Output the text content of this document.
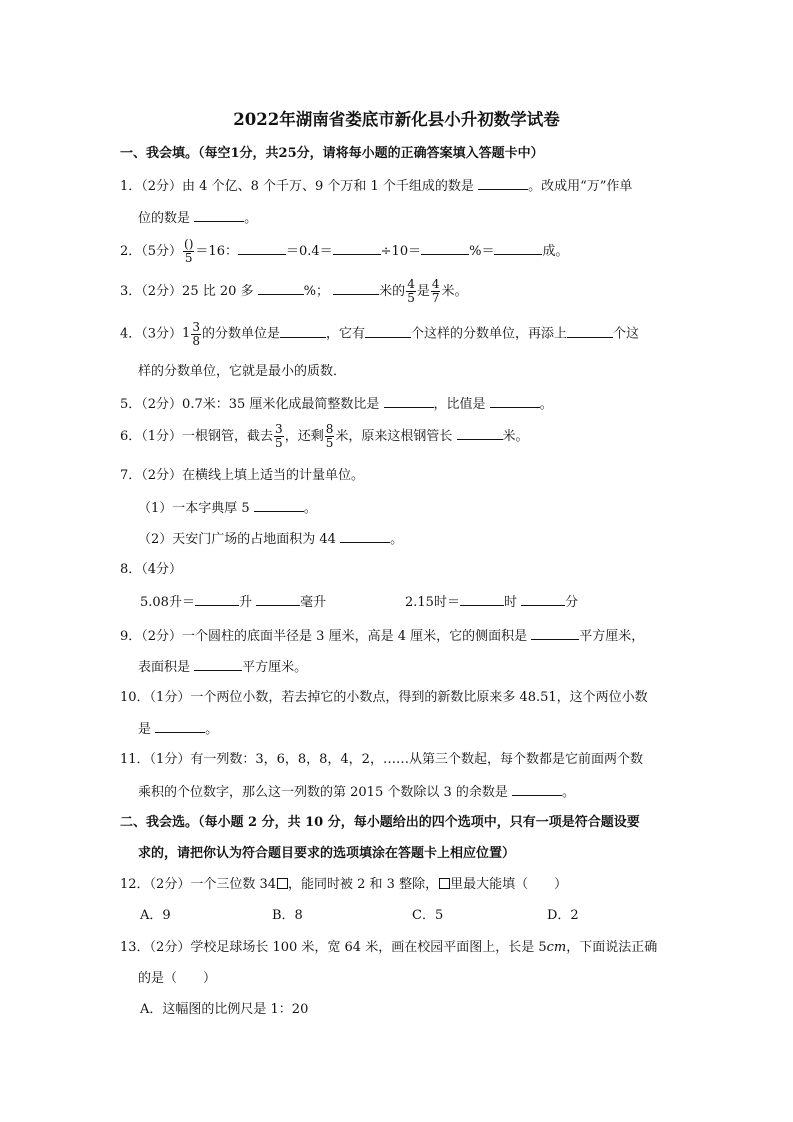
2022年湖南省娄底市新化县小升初数学试卷
一、我会填。（每空1分，共25分，请将每小题的正确答案填入答题卡中）
1．（2分）由 4 个亿、8 个千万、9 个万和 1 个千组成的数是	。改成用“万”作单
位的数是	。
2．（5分） $\frac{()}{5} =16$：	＝0.4＝	÷10＝	%＝	成。
3．（2分）25 比 20 多	%；	米的 $\frac{4}{5}$ 是 $\frac{4}{7}$ 米。
4．（3分） $1 \frac{3}{8}$ 的分数单位是	，它有	个这样的分数单位，再添上	个这
样的分数单位，它就是最小的质数．
5．（2分）0.7米：35 厘米化成最简整数比是	，比值是	。
6．（1分）一根钢管，截去 $\frac{3}{5}$ ，还剩 $\frac{8}{5}$ 米，原来这根钢管长	米。
7．（2分）在横线上填上适当的计量单位。
（1）一本字典厚 5	。
（2）天安门广场的占地面积为 44	。
8．（4分）
5.08升＝	升	毫升	2.15时＝	时	分
9．（2分）一个圆柱的底面半径是 3 厘米，高是 4 厘米，它的侧面积是	平方厘米，
表面积是	平方厘米。
10．（1分）一个两位小数，若去掉它的小数点，得到的新数比原来多 48.51，这个两位小数
是	。
11．（1分）有一列数：3，6，8，8，4，2，……从第三个数起，每个数都是它前面两个数
乘积的个位数字，那么这一列数的第 2015 个数除以 3 的余数是	。
二、我会选。（每小题 2 分，共 10 分，每小题给出的四个选项中，只有一项是符合题设要
求的，请把你认为符合题目要求的选项填涂在答题卡上相应位置）
12．（2分）一个三位数 34 ，能同时被 2 和 3 整除， 里最大能填（　　）
A．9	B．8	C．5	D．2
13．（2分）学校足球场长 100 米，宽 64 米，画在校园平面图上，长是 5cm，下面说法正确
的是（　　）
A．这幅图的比例尺是 1：20
